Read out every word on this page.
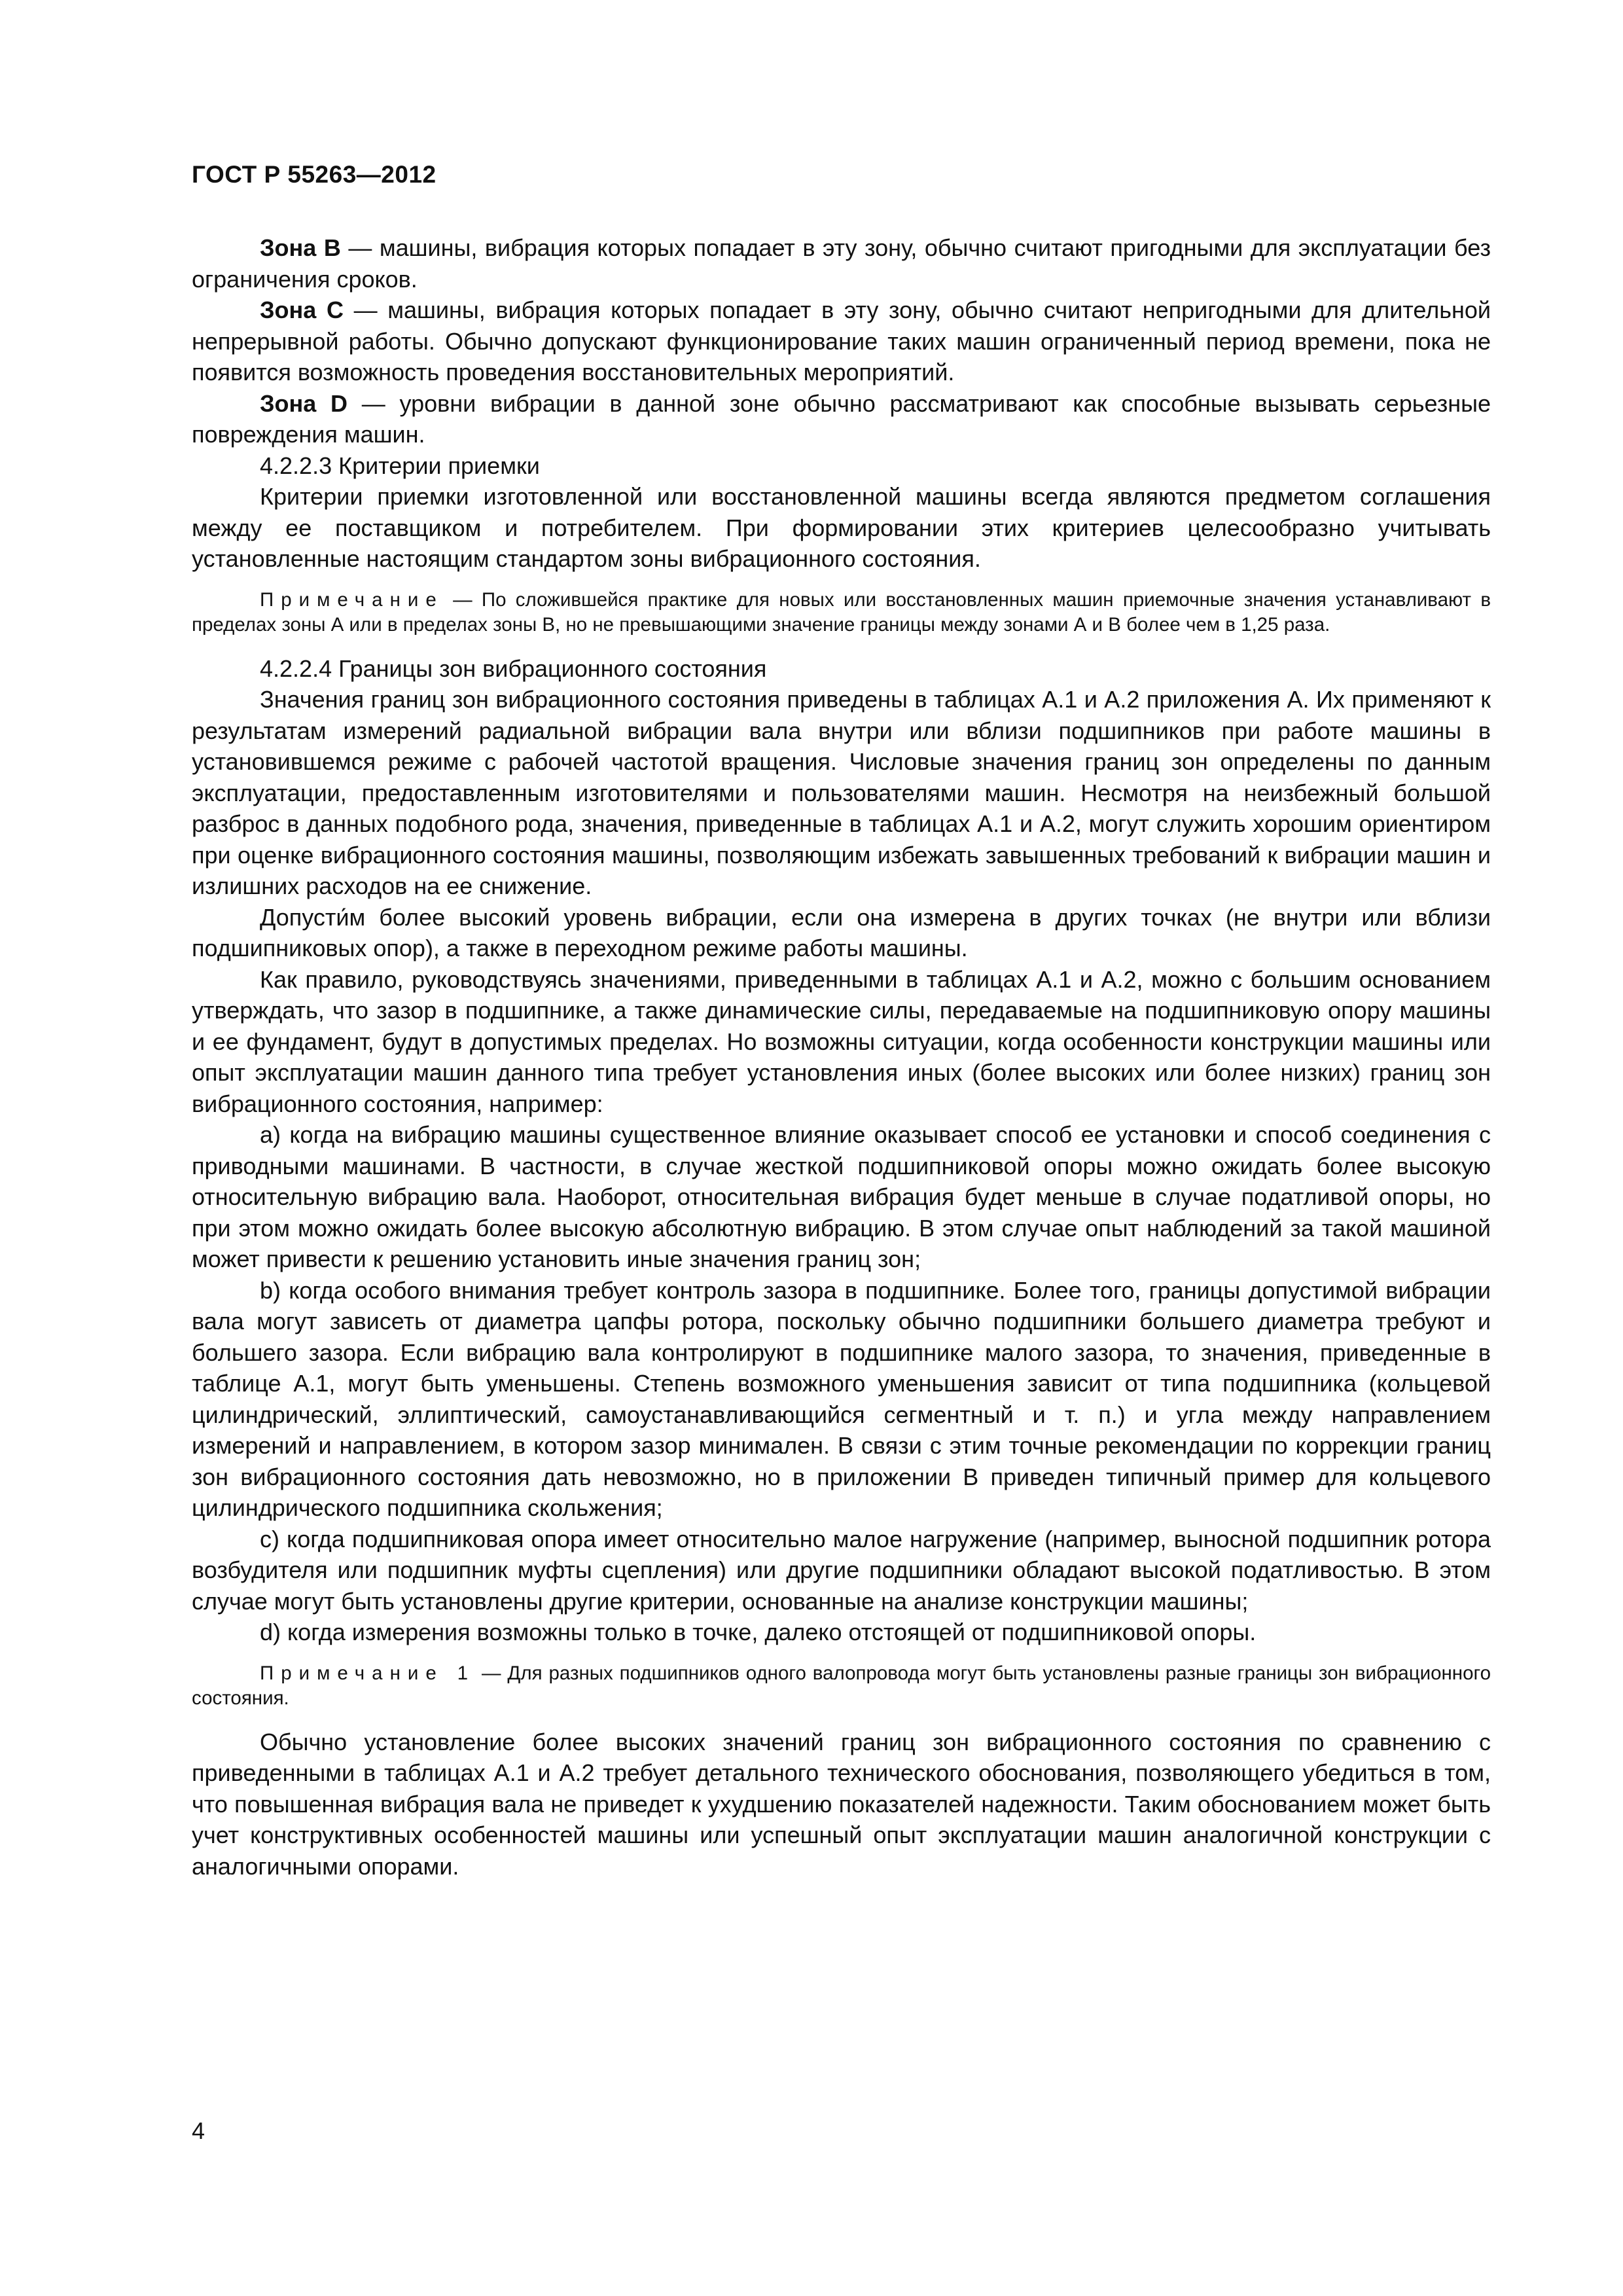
ГОСТ Р 55263—2012

Зона В — машины, вибрация которых попадает в эту зону, обычно считают пригодными для эксплуатации без ограничения сроков.

Зона С — машины, вибрация которых попадает в эту зону, обычно считают непригодными для длительной непрерывной работы. Обычно допускают функционирование таких машин ограниченный период времени, пока не появится возможность проведения восстановительных мероприятий.

Зона D — уровни вибрации в данной зоне обычно рассматривают как способные вызывать серьезные повреждения машин.

4.2.2.3 Критерии приемки

Критерии приемки изготовленной или восстановленной машины всегда являются предметом соглашения между ее поставщиком и потребителем. При формировании этих критериев целесообразно учитывать установленные настоящим стандартом зоны вибрационного состояния.

Примечание — По сложившейся практике для новых или восстановленных машин приемочные значения устанавливают в пределах зоны А или в пределах зоны В, но не превышающими значение границы между зонами А и В более чем в 1,25 раза.

4.2.2.4 Границы зон вибрационного состояния

Значения границ зон вибрационного состояния приведены в таблицах А.1 и А.2 приложения А. Их применяют к результатам измерений радиальной вибрации вала внутри или вблизи подшипников при работе машины в установившемся режиме с рабочей частотой вращения. Числовые значения границ зон определены по данным эксплуатации, предоставленным изготовителями и пользователями машин. Несмотря на неизбежный большой разброс в данных подобного рода, значения, приведенные в таблицах А.1 и А.2, могут служить хорошим ориентиром при оценке вибрационного состояния машины, позволяющим избежать завышенных требований к вибрации машин и излишних расходов на ее снижение.

Допусти́м более высокий уровень вибрации, если она измерена в других точках (не внутри или вблизи подшипниковых опор), а также в переходном режиме работы машины.

Как правило, руководствуясь значениями, приведенными в таблицах А.1 и А.2, можно с большим основанием утверждать, что зазор в подшипнике, а также динамические силы, передаваемые на подшипниковую опору машины и ее фундамент, будут в допустимых пределах. Но возможны ситуации, когда особенности конструкции машины или опыт эксплуатации машин данного типа требует установления иных (более высоких или более низких) границ зон вибрационного состояния, например:

a) когда на вибрацию машины существенное влияние оказывает способ ее установки и способ соединения с приводными машинами. В частности, в случае жесткой подшипниковой опоры можно ожидать более высокую относительную вибрацию вала. Наоборот, относительная вибрация будет меньше в случае податливой опоры, но при этом можно ожидать более высокую абсолютную вибрацию. В этом случае опыт наблюдений за такой машиной может привести к решению установить иные значения границ зон;

b) когда особого внимания требует контроль зазора в подшипнике. Более того, границы допустимой вибрации вала могут зависеть от диаметра цапфы ротора, поскольку обычно подшипники большего диаметра требуют и большего зазора. Если вибрацию вала контролируют в подшипнике малого зазора, то значения, приведенные в таблице А.1, могут быть уменьшены. Степень возможного уменьшения зависит от типа подшипника (кольцевой цилиндрический, эллиптический, самоустанавливающийся сегментный и т. п.) и угла между направлением измерений и направлением, в котором зазор минимален. В связи с этим точные рекомендации по коррекции границ зон вибрационного состояния дать невозможно, но в приложении В приведен типичный пример для кольцевого цилиндрического подшипника скольжения;

c) когда подшипниковая опора имеет относительно малое нагружение (например, выносной подшипник ротора возбудителя или подшипник муфты сцепления) или другие подшипники обладают высокой податливостью. В этом случае могут быть установлены другие критерии, основанные на анализе конструкции машины;

d) когда измерения возможны только в точке, далеко отстоящей от подшипниковой опоры.

Примечание 1 — Для разных подшипников одного валопровода могут быть установлены разные границы зон вибрационного состояния.

Обычно установление более высоких значений границ зон вибрационного состояния по сравнению с приведенными в таблицах А.1 и А.2 требует детального технического обоснования, позволяющего убедиться в том, что повышенная вибрация вала не приведет к ухудшению показателей надежности. Таким обоснованием может быть учет конструктивных особенностей машины или успешный опыт эксплуатации машин аналогичной конструкции с аналогичными опорами.

4
